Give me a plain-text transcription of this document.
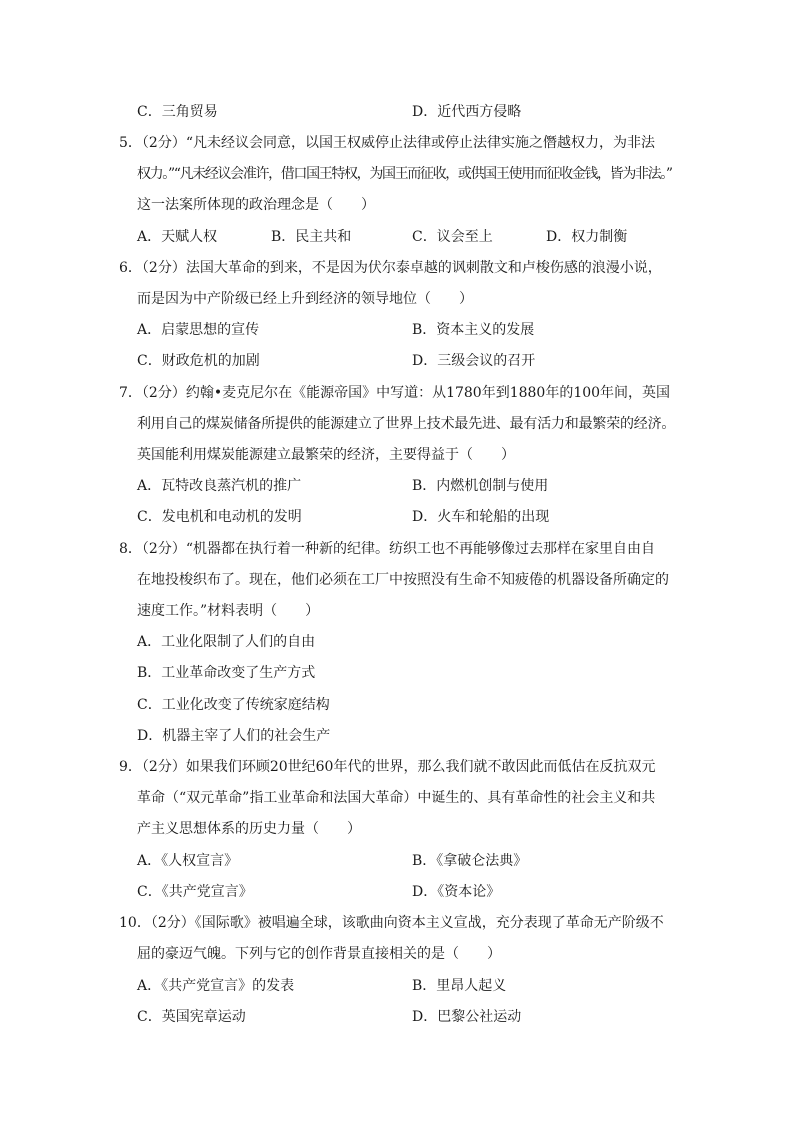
C．三角贸易	D．近代西方侵略
5．（2分）“凡未经议会同意，以国王权威停止法律或停止法律实施之僭越权力，为非法
权力。”“凡未经议会准许，借口国王特权，为国王而征收，或供国王使用而征收金钱，皆为非法。”
这一法案所体现的政治理念是（　　）
A．天赋人权	B．民主共和	C．议会至上	D．权力制衡
6．（2分）法国大革命的到来，不是因为伏尔泰卓越的讽刺散文和卢梭伤感的浪漫小说，
而是因为中产阶级已经上升到经济的领导地位（　　）
A．启蒙思想的宣传	B．资本主义的发展
C．财政危机的加剧	D．三级会议的召开
7．（2分）约翰•麦克尼尔在《能源帝国》中写道：从1780年到1880年的100年间，英国
利用自己的煤炭储备所提供的能源建立了世界上技术最先进、最有活力和最繁荣的经济。
英国能利用煤炭能源建立最繁荣的经济，主要得益于（　　）
A．瓦特改良蒸汽机的推广	B．内燃机创制与使用
C．发电机和电动机的发明	D．火车和轮船的出现
8．（2分）“机器都在执行着一种新的纪律。纺织工也不再能够像过去那样在家里自由自
在地投梭织布了。现在，他们必须在工厂中按照没有生命不知疲倦的机器设备所确定的
速度工作。”材料表明（　　）
A．工业化限制了人们的自由
B．工业革命改变了生产方式
C．工业化改变了传统家庭结构
D．机器主宰了人们的社会生产
9．（2分）如果我们环顾20世纪60年代的世界，那么我们就不敢因此而低估在反抗双元
革命（“双元革命”指工业革命和法国大革命）中诞生的、具有革命性的社会主义和共
产主义思想体系的历史力量（　　）
A．《人权宣言》	B．《拿破仑法典》
C．《共产党宣言》	D．《资本论》
10．（2分）《国际歌》被唱遍全球，该歌曲向资本主义宣战，充分表现了革命无产阶级不
屈的豪迈气魄。下列与它的创作背景直接相关的是（　　）
A．《共产党宣言》的发表	B．里昂人起义
C．英国宪章运动	D．巴黎公社运动
